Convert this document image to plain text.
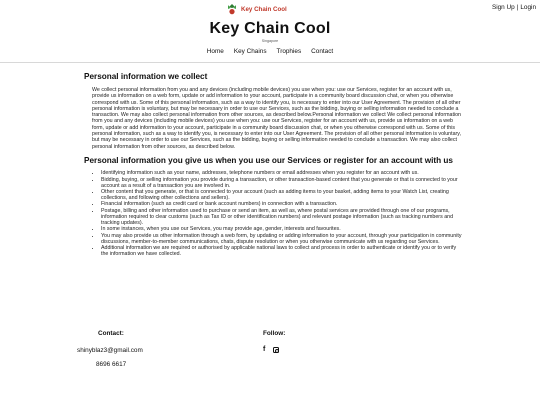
Key Chain Cool	Sign Up | Login
Key Chain Cool
Singapore
Home Key Chains Trophies Contact
Personal information we collect

We collect personal information from you and any devices (including mobile devices) you use when you: use our Services, register for an account with us, provide us information on a web form, update or add information to your account, participate in a community board discussion chat, or when you otherwise correspond with us. Some of this personal information, such as a way to identify you, is necessary to enter into our User Agreement. The provision of all other personal information is voluntary, but may be necessary in order to use our Services, such as the bidding, buying or selling information needed to conclude a transaction. We may also collect personal information from other sources, as described below.Personal information we collect We collect personal information from you and any devices (including mobile devices) you use when you: use our Services, register for an account with us, provide us information on a web form, update or add information to your account, participate in a community board discussion chat, or when you otherwise correspond with us. Some of this personal information, such as a way to identify you, is necessary to enter into our User Agreement. The provision of all other personal information is voluntary, but may be necessary in order to use our Services, such as the bidding, buying or selling information needed to conclude a transaction. We may also collect personal information from other sources, as described below.

Personal information you give us when you use our Services or register for an account with us
• Identifying information such as your name, addresses, telephone numbers or email addresses when you register for an account with us.
• Bidding, buying, or selling information you provide during a transaction, or other transaction-based content that you generate or that is connected to your account as a result of a transaction you are involved in.
• Other content that you generate, or that is connected to your account (such as adding items to your basket, adding items to your Watch List, creating collections, and following other collections and sellers).
• Financial information (such as credit card or bank account numbers) in connection with a transaction.
• Postage, billing and other information used to purchase or send an item, as well as, where postal services are provided through one of our programs, information required to clear customs (such as Tax ID or other identification numbers) and relevant postage information (such as tracking numbers and tracking updates).
• In some instances, when you use our Services, you may provide age, gender, interests and favourites.
• You may also provide us other information through a web form, by updating or adding information to your account, through your participation in community discussions, member-to-member communications, chats, dispute resolution or when you otherwise communicate with us regarding our Services.
• Additional information we are required or authorised by applicable national laws to collect and process in order to authenticate or identify you or to verify the information we have collected.
Contact:
shinyblaz3@gmail.com
8696 6617
Follow:
f
